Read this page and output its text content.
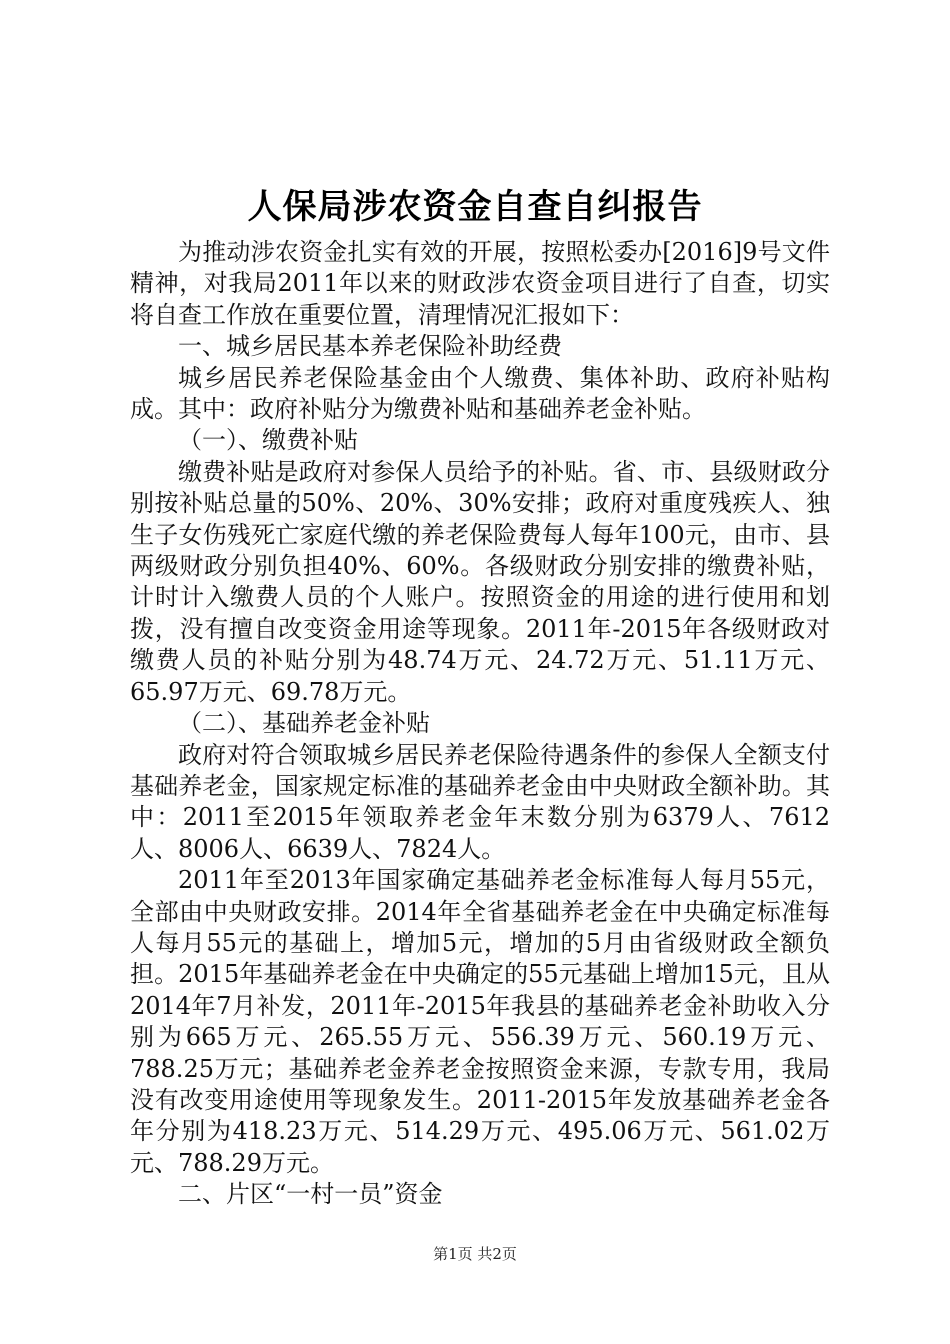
人保局涉农资金自查自纠报告

为推动涉农资金扎实有效的开展，按照松委办[2016]9号文件精神，对我局2011年以来的财政涉农资金项目进行了自查，切实将自查工作放在重要位置，清理情况汇报如下：

一、城乡居民基本养老保险补助经费

城乡居民养老保险基金由个人缴费、集体补助、政府补贴构成。其中：政府补贴分为缴费补贴和基础养老金补贴。

（一）、缴费补贴

缴费补贴是政府对参保人员给予的补贴。省、市、县级财政分别按补贴总量的50%、20%、30%安排；政府对重度残疾人、独生子女伤残死亡家庭代缴的养老保险费每人每年100元，由市、县两级财政分别负担40%、60%。各级财政分别安排的缴费补贴，计时计入缴费人员的个人账户。按照资金的用途的进行使用和划拨，没有擅自改变资金用途等现象。2011年-2015年各级财政对缴费人员的补贴分别为48.74万元、24.72万元、51.11万元、65.97万元、69.78万元。

（二）、基础养老金补贴

政府对符合领取城乡居民养老保险待遇条件的参保人全额支付基础养老金，国家规定标准的基础养老金由中央财政全额补助。其中：2011至2015年领取养老金年末数分别为6379人、7612人、8006人、6639人、7824人。

2011年至2013年国家确定基础养老金标准每人每月55元，全部由中央财政安排。2014年全省基础养老金在中央确定标准每人每月55元的基础上，增加5元，增加的5月由省级财政全额负担。2015年基础养老金在中央确定的55元基础上增加15元，且从2014年7月补发，2011年-2015年我县的基础养老金补助收入分别为665万元、265.55万元、556.39万元、560.19万元、788.25万元；基础养老金养老金按照资金来源，专款专用，我局没有改变用途使用等现象发生。2011-2015年发放基础养老金各年分别为418.23万元、514.29万元、495.06万元、561.02万元、788.29万元。

二、片区“一村一员”资金

第1页 共2页
